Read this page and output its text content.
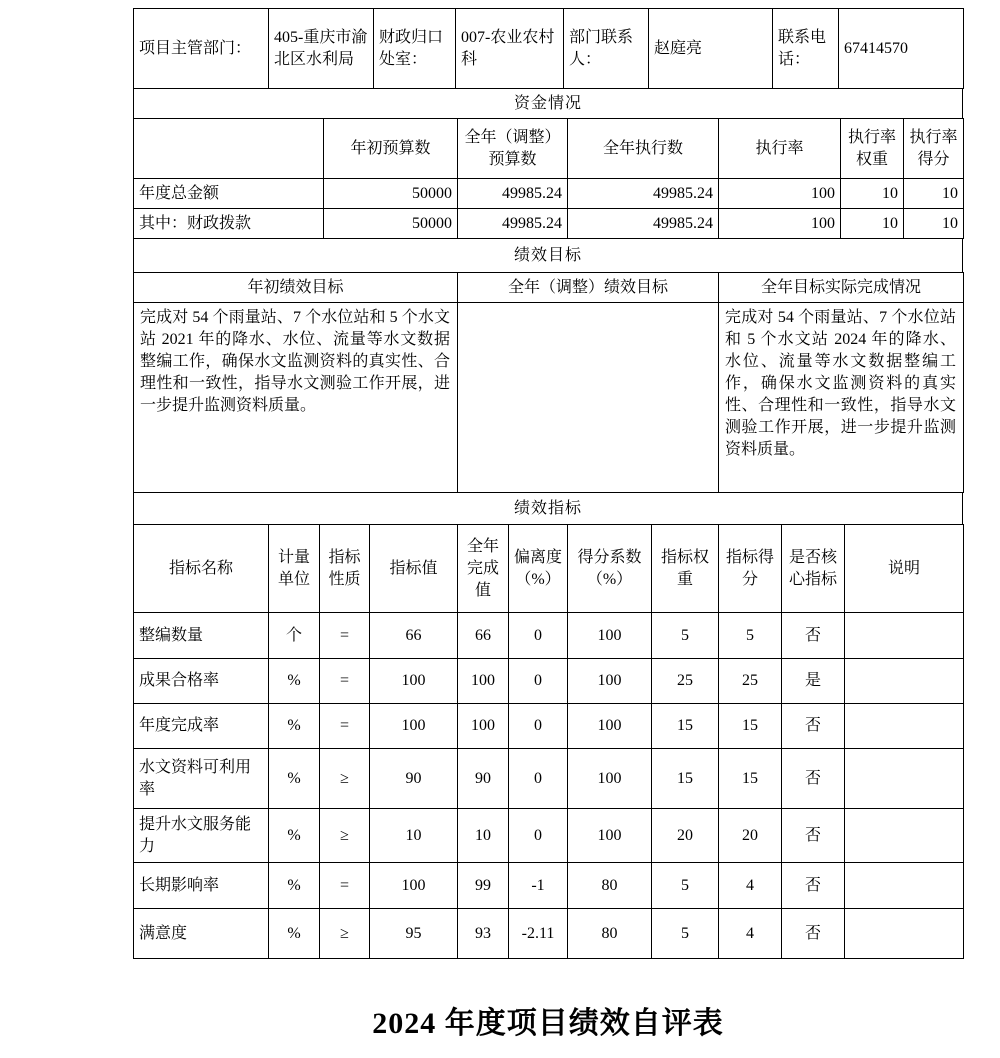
项目主管部门：	405-重庆市渝北区水利局	财政归口处室：	007-农业农村科	部门联系人：	赵庭亮	联系电话：	67414570
资金情况
	年初预算数	全年（调整）预算数	全年执行数	执行率	执行率权重	执行率得分
年度总金额	50000	49985.24	49985.24	100	10	10
其中：财政拨款	50000	49985.24	49985.24	100	10	10
绩效目标
年初绩效目标	全年（调整）绩效目标	全年目标实际完成情况
完成对 54 个雨量站、7 个水位站和 5 个水文站 2021 年的降水、水位、流量等水文数据整编工作，确保水文监测资料的真实性、合理性和一致性，指导水文测验工作开展，进一步提升监测资料质量。		完成对 54 个雨量站、7 个水位站和 5 个水文站 2024 年的降水、水位、流量等水文数据整编工作，确保水文监测资料的真实性、合理性和一致性，指导水文测验工作开展，进一步提升监测资料质量。
绩效指标
指标名称	计量单位	指标性质	指标值	全年完成值	偏离度（%）	得分系数（%）	指标权重	指标得分	是否核心指标	说明
整编数量	个	=	66	66	0	100	5	5	否	
成果合格率	%	=	100	100	0	100	25	25	是	
年度完成率	%	=	100	100	0	100	15	15	否	
水文资料可利用率	%	≥	90	90	0	100	15	15	否	
提升水文服务能力	%	≥	10	10	0	100	20	20	否	
长期影响率	%	=	100	99	-1	80	5	4	否	
满意度	%	≥	95	93	-2.11	80	5	4	否	
2024 年度项目绩效自评表
